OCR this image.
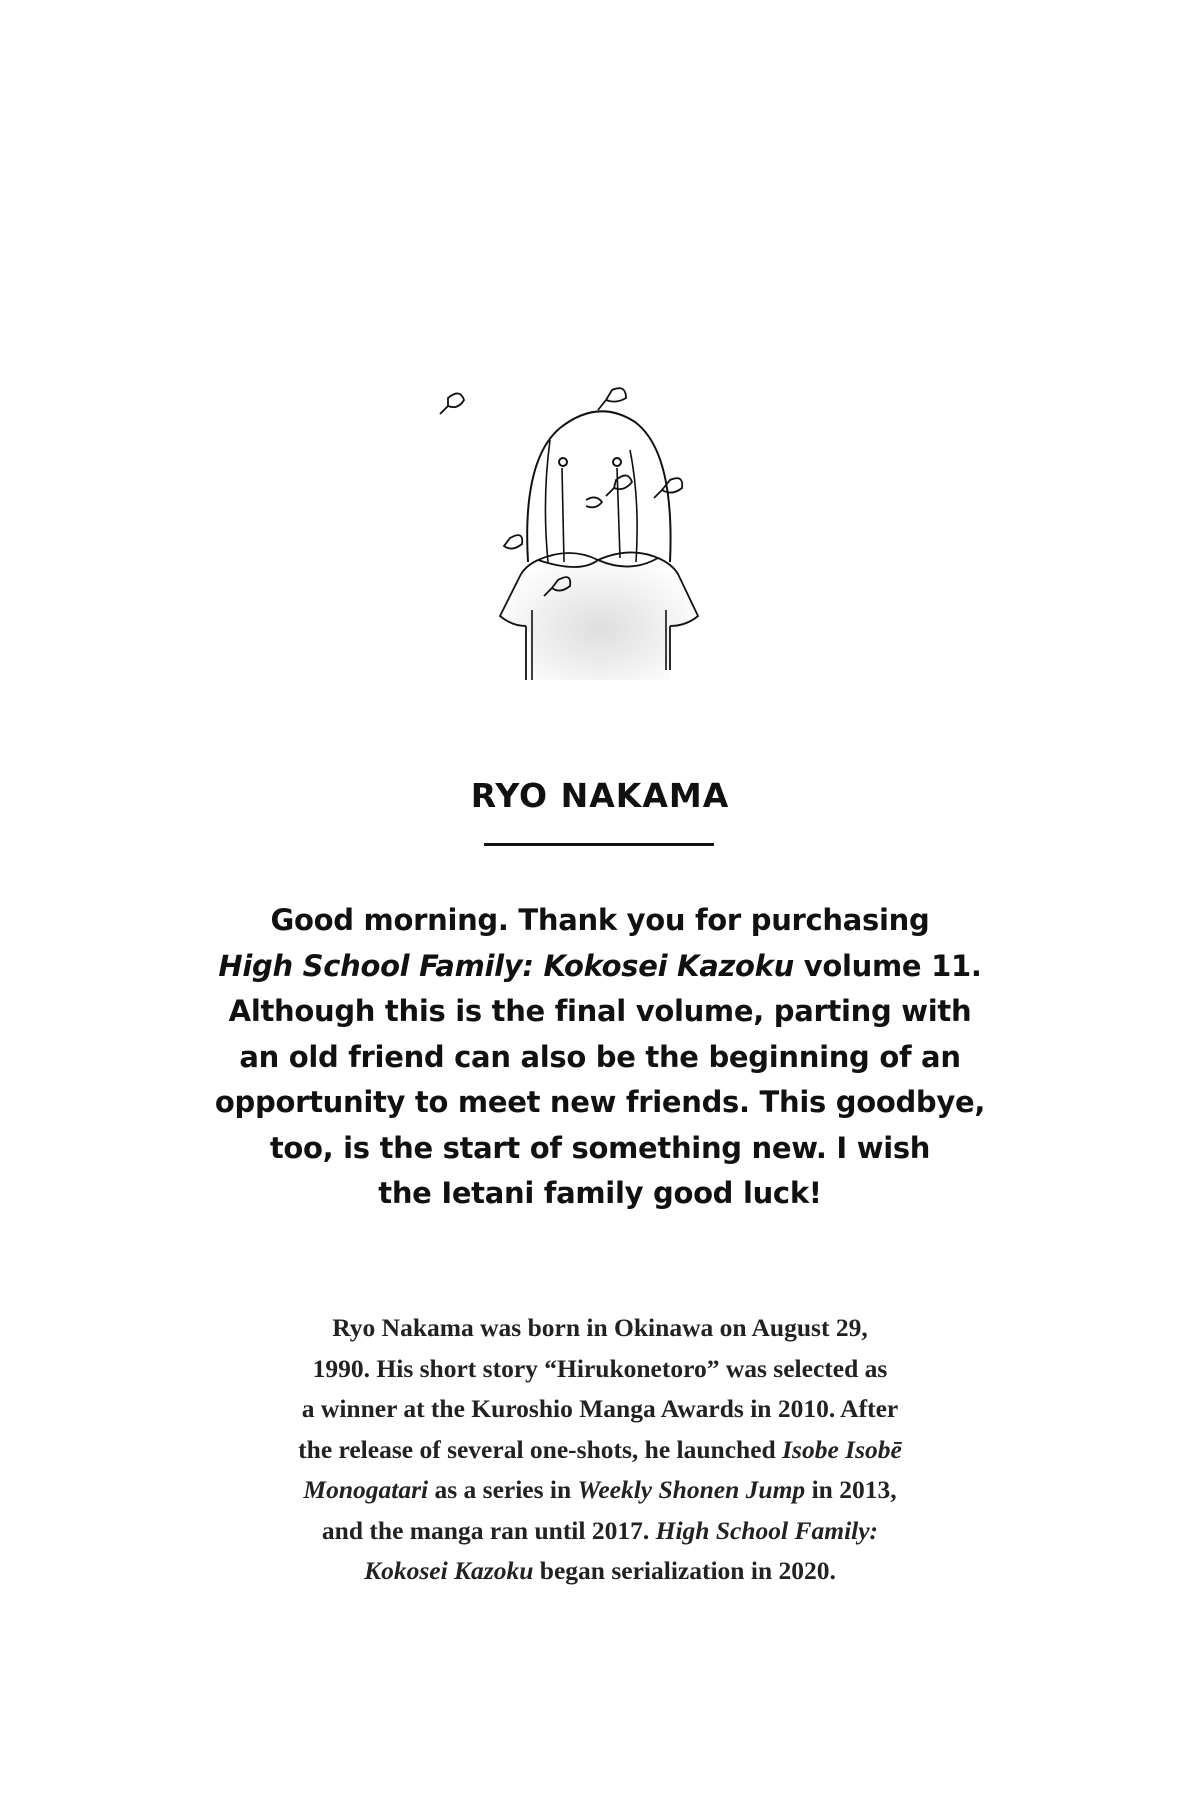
RYO NAKAMA
Good morning. Thank you for purchasing
High School Family: Kokosei Kazoku volume 11.
Although this is the final volume, parting with
an old friend can also be the beginning of an
opportunity to meet new friends. This goodbye,
too, is the start of something new. I wish
the Ietani family good luck!
Ryo Nakama was born in Okinawa on August 29,
1990. His short story “Hirukonetoro” was selected as
a winner at the Kuroshio Manga Awards in 2010. After
the release of several one-shots, he launched Isobe Isobē
Monogatari as a series in Weekly Shonen Jump in 2013,
and the manga ran until 2017. High School Family:
Kokosei Kazoku began serialization in 2020.
